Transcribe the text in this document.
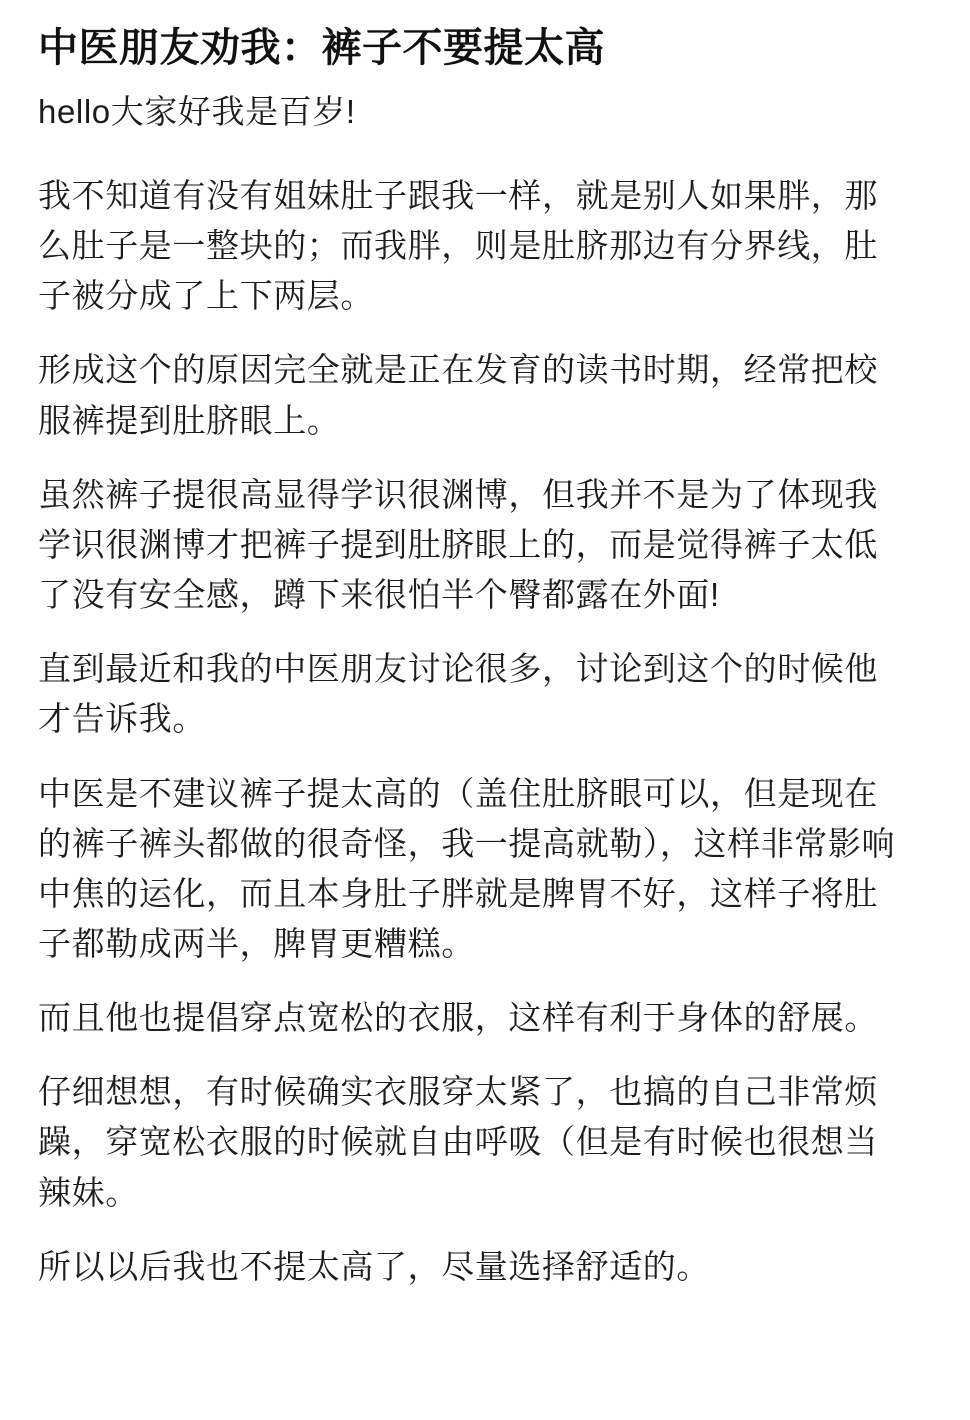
中医朋友劝我：裤子不要提太高

hello大家好我是百岁!

我不知道有没有姐妹肚子跟我一样，就是别人如果胖，那么肚子是一整块的；而我胖，则是肚脐那边有分界线，肚子被分成了上下两层。

形成这个的原因完全就是正在发育的读书时期，经常把校服裤提到肚脐眼上。

虽然裤子提很高显得学识很渊博，但我并不是为了体现我学识很渊博才把裤子提到肚脐眼上的，而是觉得裤子太低了没有安全感，蹲下来很怕半个臀都露在外面!

直到最近和我的中医朋友讨论很多，讨论到这个的时候他才告诉我。

中医是不建议裤子提太高的（盖住肚脐眼可以，但是现在的裤子裤头都做的很奇怪，我一提高就勒），这样非常影响中焦的运化，而且本身肚子胖就是脾胃不好，这样子将肚子都勒成两半，脾胃更糟糕。

而且他也提倡穿点宽松的衣服，这样有利于身体的舒展。

仔细想想，有时候确实衣服穿太紧了，也搞的自己非常烦躁，穿宽松衣服的时候就自由呼吸（但是有时候也很想当辣妹。

所以以后我也不提太高了，尽量选择舒适的。
